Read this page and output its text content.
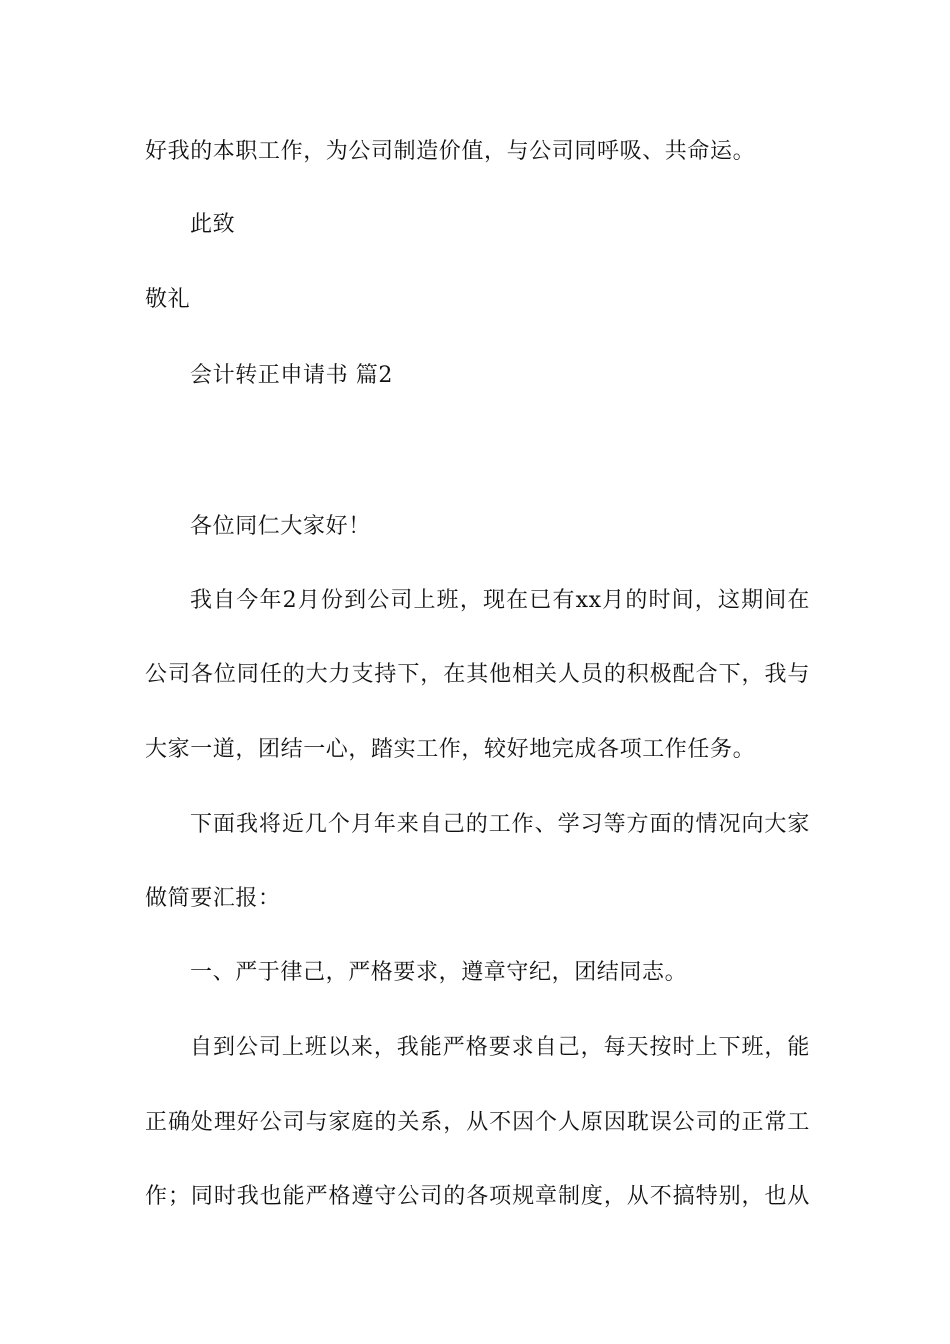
好我的本职工作，为公司制造价值，与公司同呼吸、共命运。
此致
敬礼
会计转正申请书 篇2
各位同仁大家好！
我自今年2月份到公司上班，现在已有xx月的时间，这期间在
公司各位同任的大力支持下，在其他相关人员的积极配合下，我与
大家一道，团结一心，踏实工作，较好地完成各项工作任务。
下面我将近几个月年来自己的工作、学习等方面的情况向大家
做简要汇报：
一、严于律己，严格要求，遵章守纪，团结同志。
自到公司上班以来，我能严格要求自己，每天按时上下班，能
正确处理好公司与家庭的关系，从不因个人原因耽误公司的正常工
作；同时我也能严格遵守公司的各项规章制度，从不搞特别，也从
